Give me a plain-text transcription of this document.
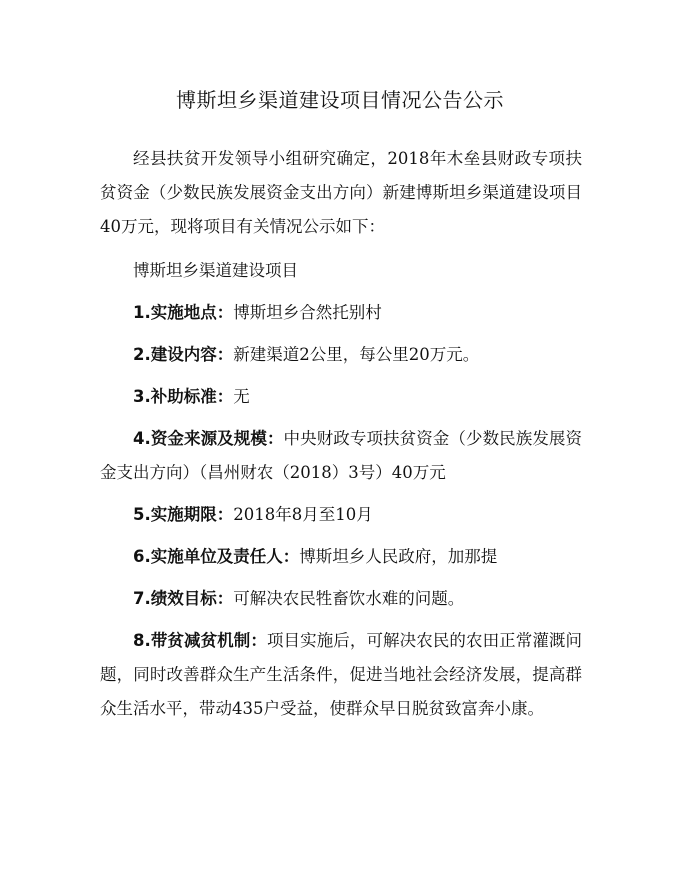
博斯坦乡渠道建设项目情况公告公示

经县扶贫开发领导小组研究确定，2018年木垒县财政专项扶贫资金（少数民族发展资金支出方向）新建博斯坦乡渠道建设项目40万元，现将项目有关情况公示如下：

博斯坦乡渠道建设项目

1.实施地点：博斯坦乡合然托别村

2.建设内容：新建渠道2公里，每公里20万元。

3.补助标准：无

4.资金来源及规模：中央财政专项扶贫资金（少数民族发展资金支出方向）（昌州财农（2018）3号）40万元

5.实施期限：2018年8月至10月

6.实施单位及责任人：博斯坦乡人民政府，加那提

7.绩效目标：可解决农民牲畜饮水难的问题。

8.带贫减贫机制：项目实施后，可解决农民的农田正常灌溉问题，同时改善群众生产生活条件，促进当地社会经济发展，提高群众生活水平，带动435户受益，使群众早日脱贫致富奔小康。
